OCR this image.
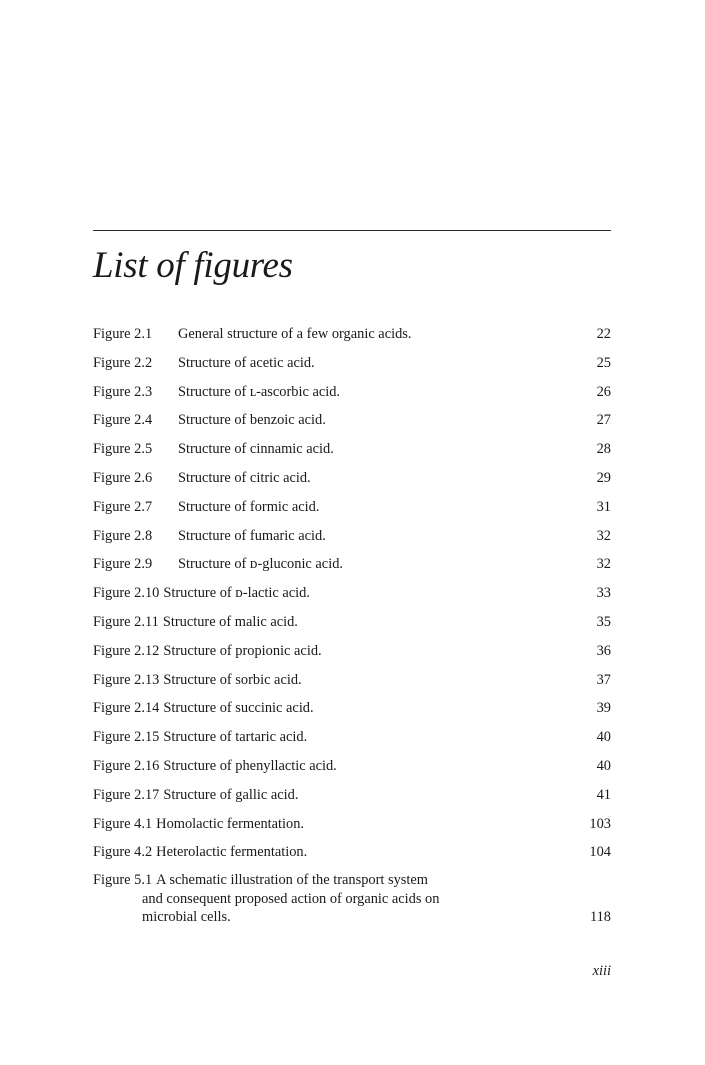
List of figures
Figure 2.1 General structure of a few organic acids.	22
Figure 2.2 Structure of acetic acid.	25
Figure 2.3 Structure of ʟ-ascorbic acid.	26
Figure 2.4 Structure of benzoic acid.	27
Figure 2.5 Structure of cinnamic acid.	28
Figure 2.6 Structure of citric acid.	29
Figure 2.7 Structure of formic acid.	31
Figure 2.8 Structure of fumaric acid.	32
Figure 2.9 Structure of ᴅ-gluconic acid.	32
Figure 2.10 Structure of ᴅ-lactic acid.	33
Figure 2.11 Structure of malic acid.	35
Figure 2.12 Structure of propionic acid.	36
Figure 2.13 Structure of sorbic acid.	37
Figure 2.14 Structure of succinic acid.	39
Figure 2.15 Structure of tartaric acid.	40
Figure 2.16 Structure of phenyllactic acid.	40
Figure 2.17 Structure of gallic acid.	41
Figure 4.1 Homolactic fermentation.	103
Figure 4.2 Heterolactic fermentation.	104
Figure 5.1 A schematic illustration of the transport system
and consequent proposed action of organic acids on
microbial cells.	118
xiii
